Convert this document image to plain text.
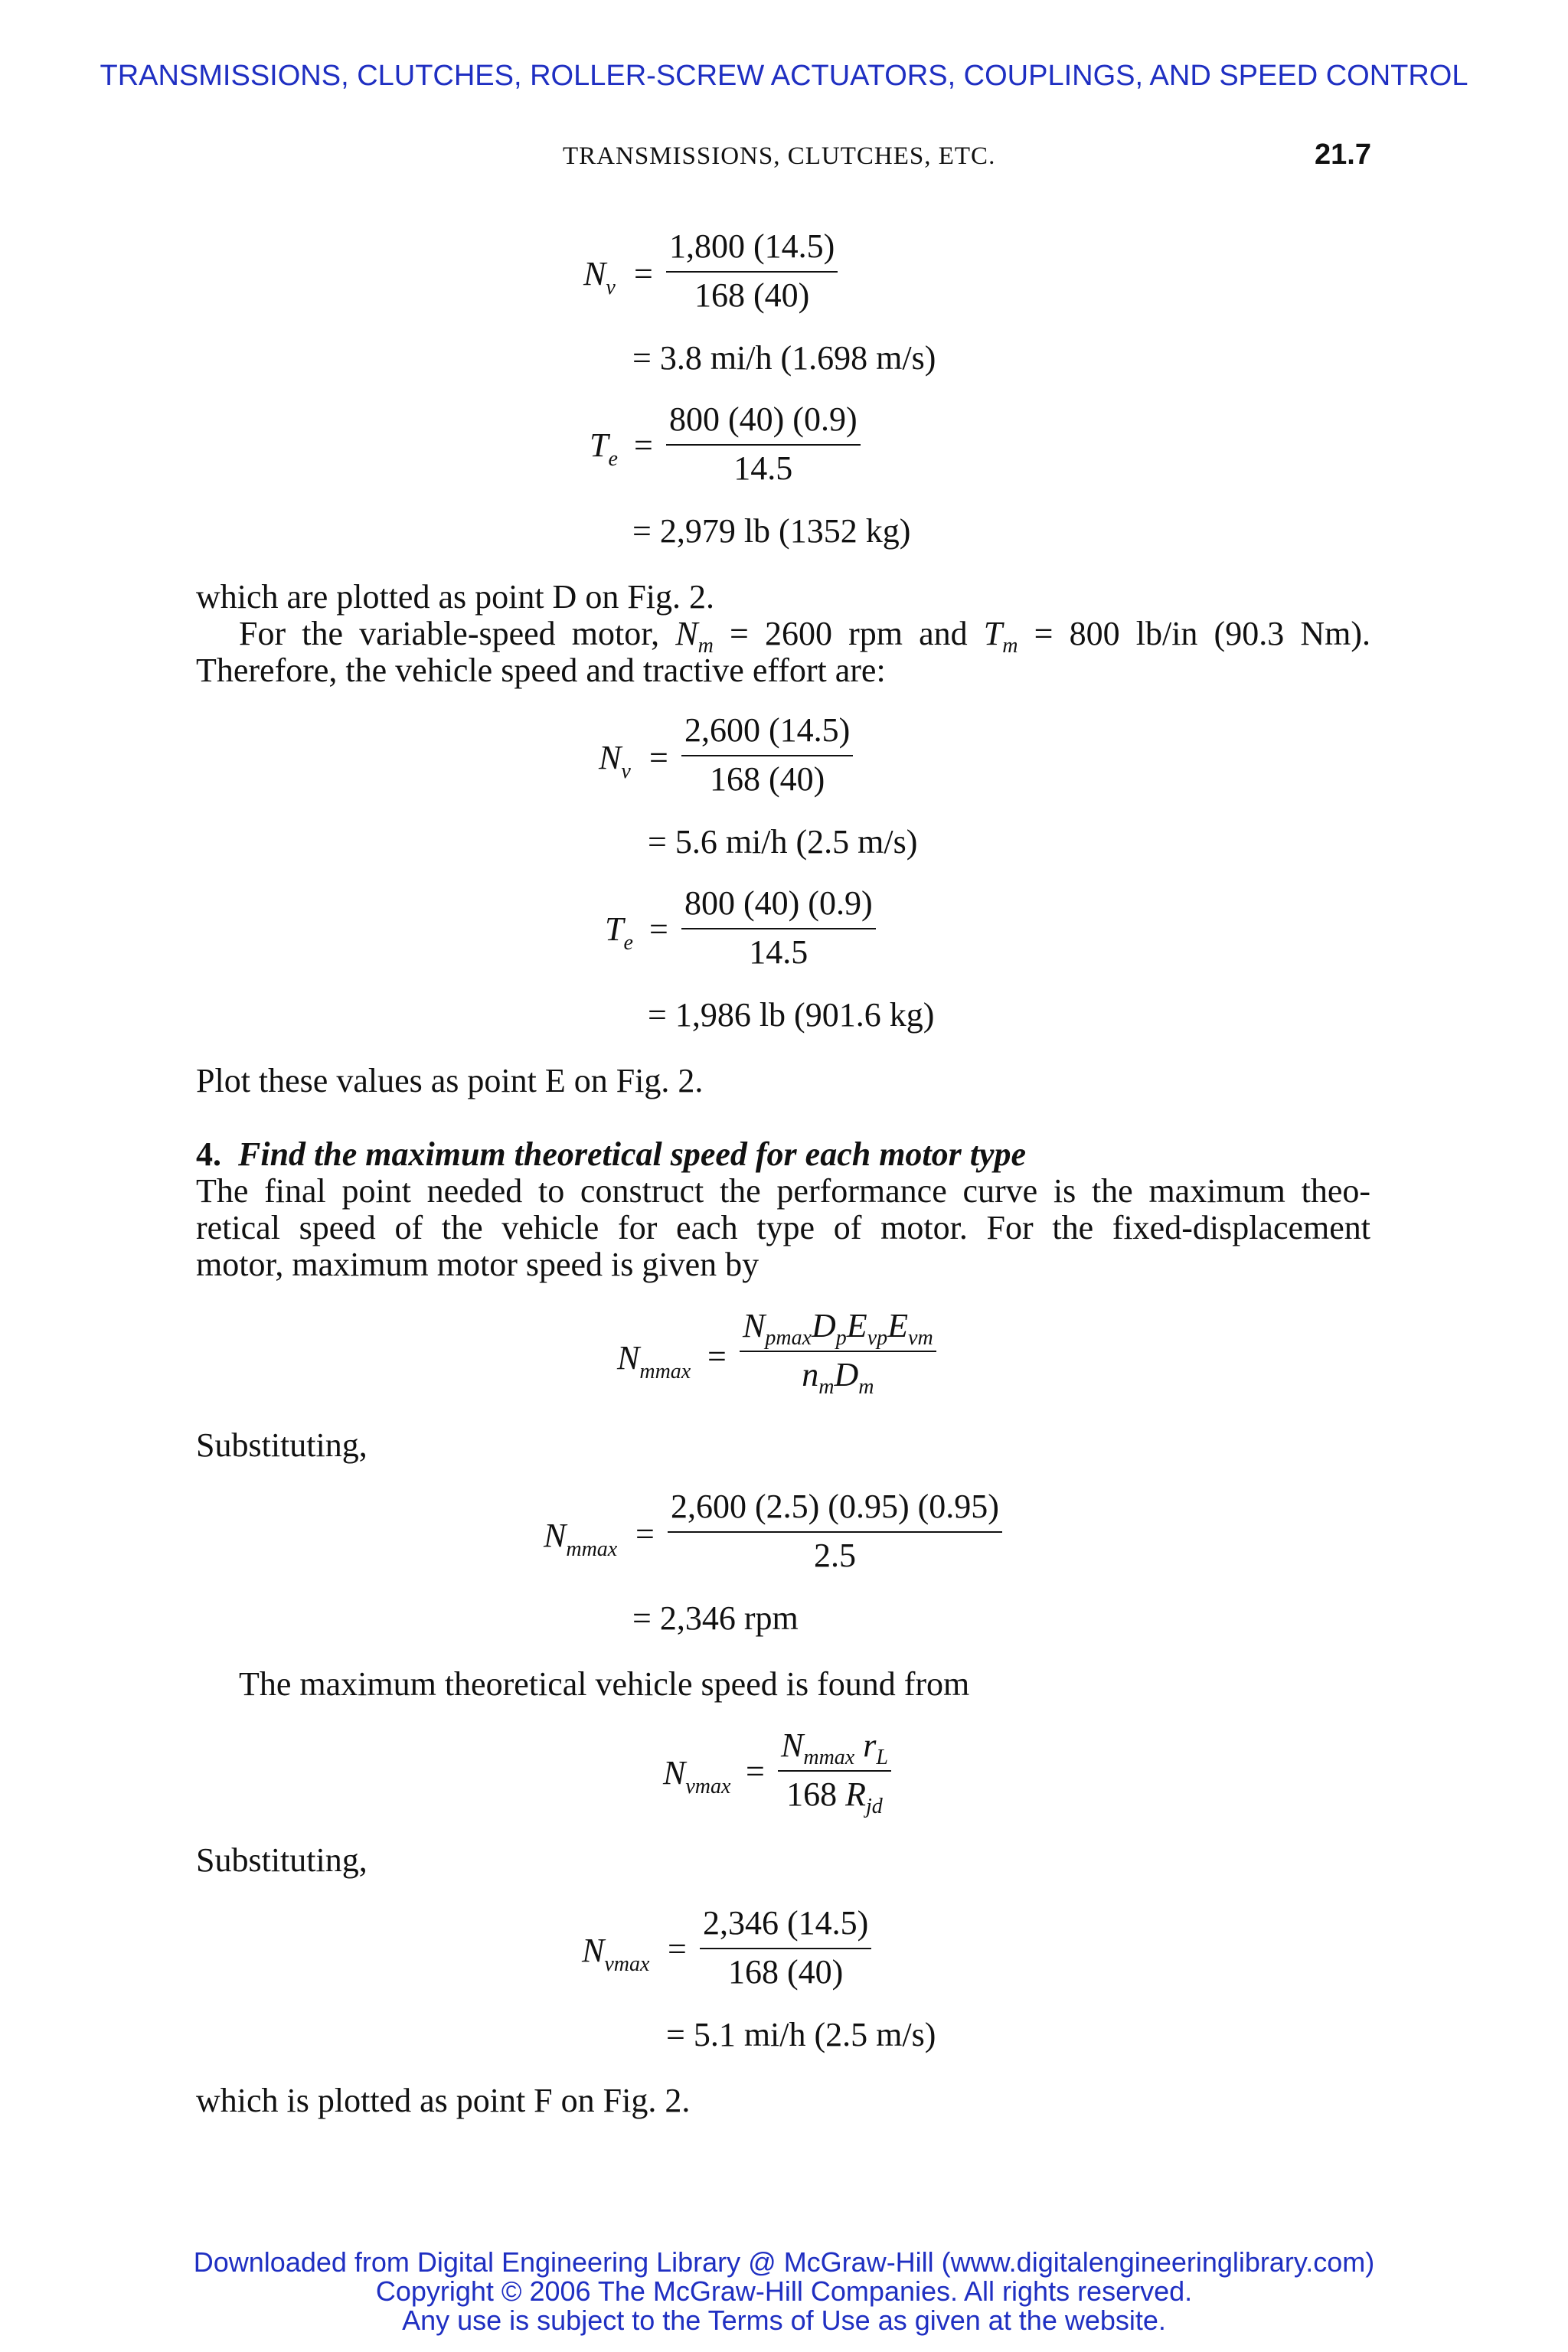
TRANSMISSIONS, CLUTCHES, ROLLER-SCREW ACTUATORS, COUPLINGS, AND SPEED CONTROL
TRANSMISSIONS, CLUTCHES, ETC.	21.7
$N_v = \frac{1,800 (14.5)}{168 (40)}$
= 3.8 mi/h (1.698 m/s)
$T_e = \frac{800 (40) (0.9)}{14.5}$
= 2,979 lb (1352 kg)
which are plotted as point D on Fig. 2.
For the variable-speed motor, $N_m = 2600$ rpm and $T_m = 800$ lb/in (90.3 Nm).
Therefore, the vehicle speed and tractive effort are:
$N_v = \frac{2,600 (14.5)}{168 (40)}$
= 5.6 mi/h (2.5 m/s)
$T_e = \frac{800 (40) (0.9)}{14.5}$
= 1,986 lb (901.6 kg)
Plot these values as point E on Fig. 2.
4. Find the maximum theoretical speed for each motor type
The final point needed to construct the performance curve is the maximum theo-
retical speed of the vehicle for each type of motor. For the fixed-displacement
motor, maximum motor speed is given by
$N_{mmax}$ =
$N_{pmax}D_pE_{vp}E_{vm}$
$n_mD_m$
Substituting,
$N_{mmax} = \frac{2,600 (2.5) (0.95) (0.95)}{2.5}$
= 2,346 rpm
The maximum theoretical vehicle speed is found from
$N_{vmax}$ =
$N_{mmax}$ $r_L$
168 $R_{jd}$
Substituting,
$N_{vmax} = \frac{2,346 (14.5)}{168 (40)}$
= 5.1 mi/h (2.5 m/s)
which is plotted as point F on Fig. 2.
Downloaded from Digital Engineering Library @ McGraw-Hill (www.digitalengineeringlibrary.com)
Copyright © 2006 The McGraw-Hill Companies. All rights reserved.
Any use is subject to the Terms of Use as given at the website.
